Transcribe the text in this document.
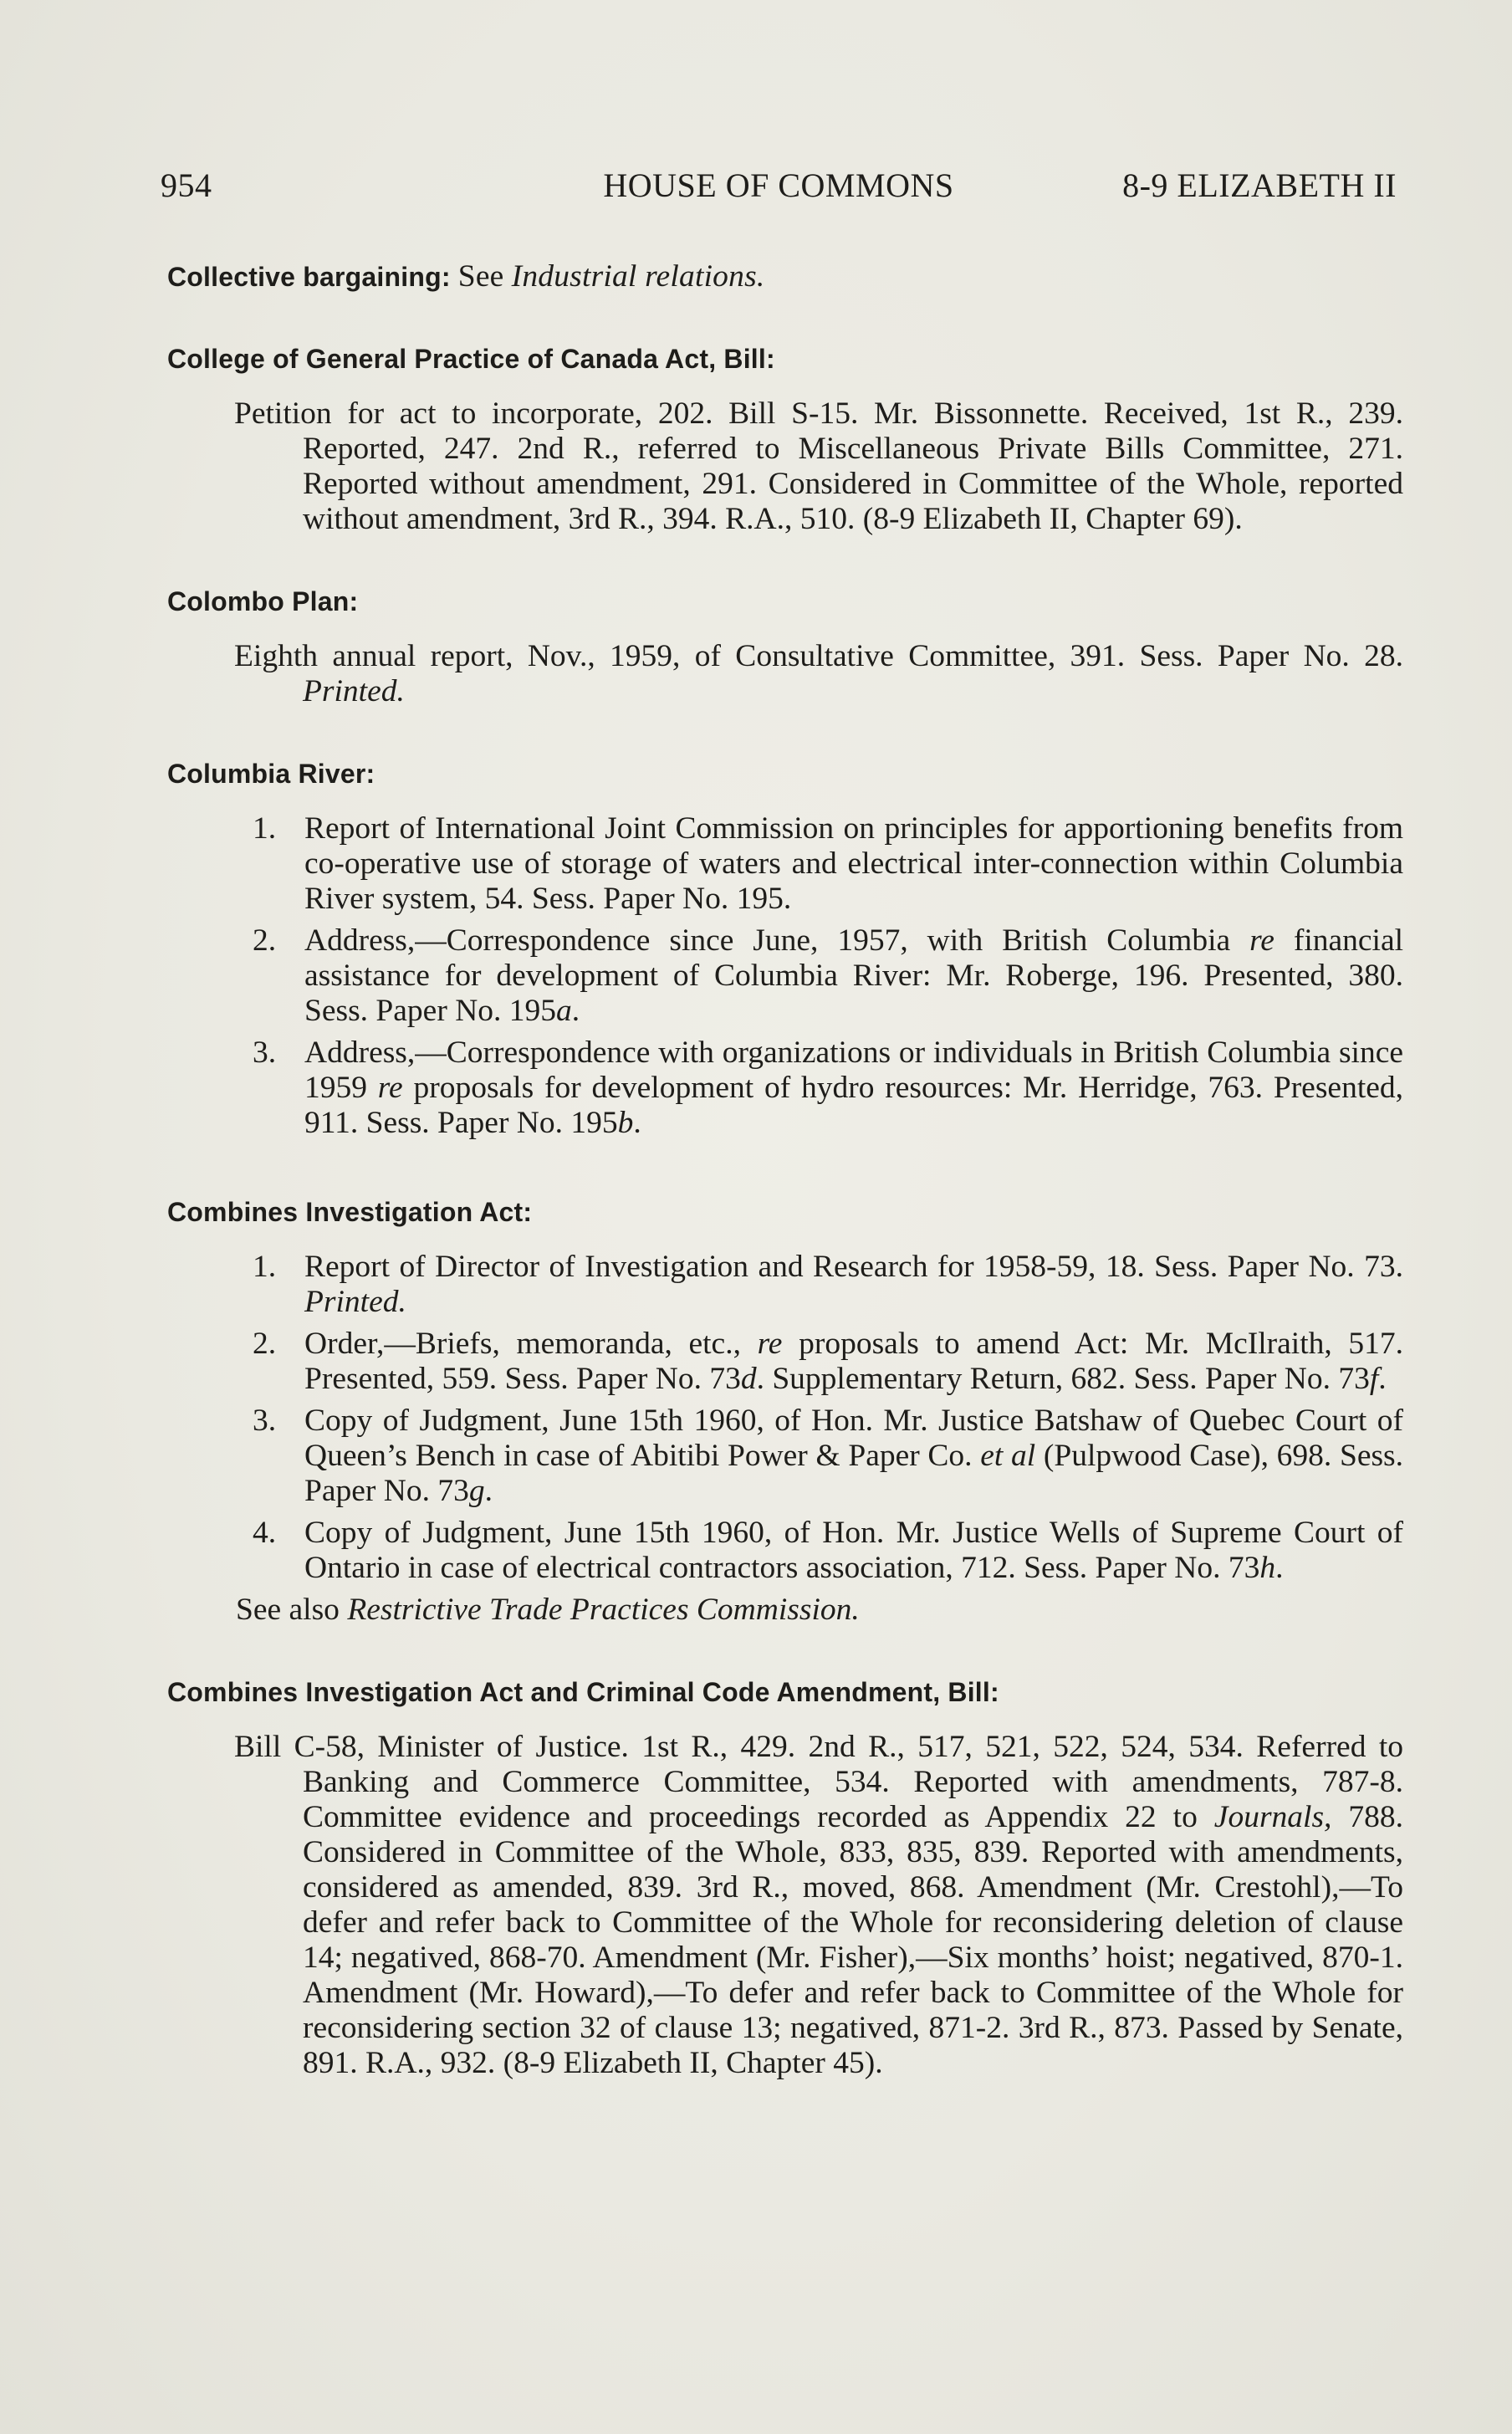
954	HOUSE OF COMMONS	8-9 ELIZABETH II
Collective bargaining: See Industrial relations.
College of General Practice of Canada Act, Bill:
Petition for act to incorporate, 202. Bill S-15. Mr. Bissonnette. Received, 1st R., 239. Reported, 247. 2nd R., referred to Miscellaneous Private Bills Committee, 271. Reported without amendment, 291. Considered in Committee of the Whole, reported without amendment, 3rd R., 394. R.A., 510. (8-9 Elizabeth II, Chapter 69).
Colombo Plan:
Eighth annual report, Nov., 1959, of Consultative Committee, 391. Sess. Paper No. 28. Printed.
Columbia River:
1. Report of International Joint Commission on principles for apportioning benefits from co-operative use of storage of waters and electrical inter-connection within Columbia River system, 54. Sess. Paper No. 195.
2. Address,—Correspondence since June, 1957, with British Columbia re financial assistance for development of Columbia River: Mr. Roberge, 196. Presented, 380. Sess. Paper No. 195a.
3. Address,—Correspondence with organizations or individuals in British Columbia since 1959 re proposals for development of hydro resources: Mr. Herridge, 763. Presented, 911. Sess. Paper No. 195b.
Combines Investigation Act:
1. Report of Director of Investigation and Research for 1958-59, 18. Sess. Paper No. 73. Printed.
2. Order,—Briefs, memoranda, etc., re proposals to amend Act: Mr. McIlraith, 517. Presented, 559. Sess. Paper No. 73d. Supplementary Return, 682. Sess. Paper No. 73f.
3. Copy of Judgment, June 15th 1960, of Hon. Mr. Justice Batshaw of Quebec Court of Queen’s Bench in case of Abitibi Power & Paper Co. et al (Pulpwood Case), 698. Sess. Paper No. 73g.
4. Copy of Judgment, June 15th 1960, of Hon. Mr. Justice Wells of Supreme Court of Ontario in case of electrical contractors association, 712. Sess. Paper No. 73h.
See also Restrictive Trade Practices Commission.
Combines Investigation Act and Criminal Code Amendment, Bill:
Bill C-58, Minister of Justice. 1st R., 429. 2nd R., 517, 521, 522, 524, 534. Referred to Banking and Commerce Committee, 534. Reported with amendments, 787-8. Committee evidence and proceedings recorded as Appendix 22 to Journals, 788. Considered in Committee of the Whole, 833, 835, 839. Reported with amendments, considered as amended, 839. 3rd R., moved, 868. Amendment (Mr. Crestohl),—To defer and refer back to Committee of the Whole for reconsidering deletion of clause 14; negatived, 868-70. Amendment (Mr. Fisher),—Six months’ hoist; negatived, 870-1. Amendment (Mr. Howard),—To defer and refer back to Committee of the Whole for reconsidering section 32 of clause 13; negatived, 871-2. 3rd R., 873. Passed by Senate, 891. R.A., 932. (8-9 Elizabeth II, Chapter 45).
